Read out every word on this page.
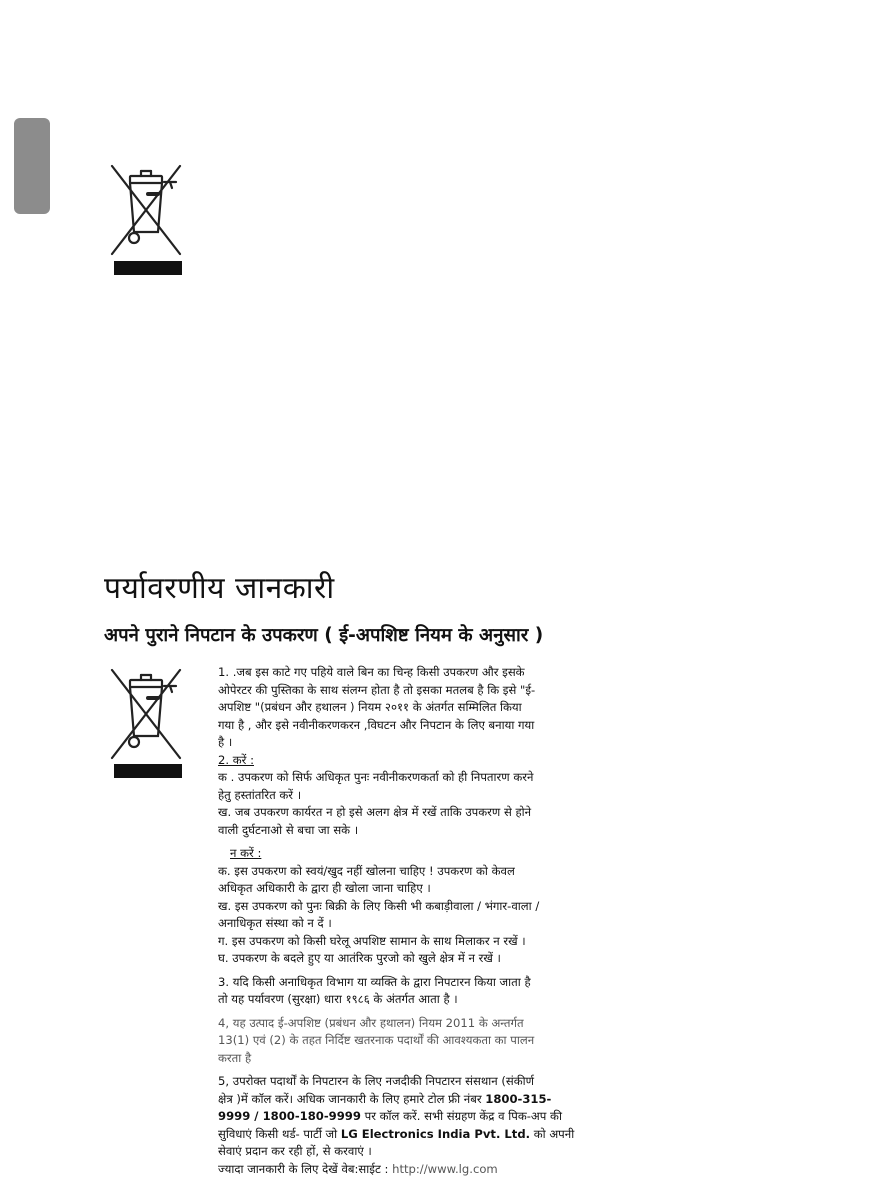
पर्यावरणीय जानकारी
अपने पुराने निपटान के उपकरण ( ई-अपशिष्ट नियम के अनुसार )

1. .जब इस काटे गए पहिये वाले बिन का चिन्ह किसी उपकरण और इसके

ओपेरटर की पुस्तिका के साथ संलग्न होता है तो इसका मतलब है कि इसे "ई-

अपशिष्ट "(प्रबंधन और हथालन ) नियम २०११ के अंतर्गत सम्मिलित किया

गया है , और इसे नवीनीकरणकरन ,विघटन और निपटान के लिए बनाया गया

है ।

2. करें :

क . उपकरण को सिर्फ अधिकृत पुनः नवीनीकरणकर्ता को ही निपतारण करने

हेतु हस्तांतरित करें ।

ख. जब उपकरण कार्यरत न हो इसे अलग क्षेत्र में रखें ताकि उपकरण से होने

वाली दुर्घटनाओ से बचा जा सके ।

न करें :

क. इस उपकरण को स्वयं/खुद नहीं खोलना चाहिए ! उपकरण को केवल

अधिकृत अधिकारी के द्वारा ही खोला जाना चाहिए ।

ख. इस उपकरण को पुनः बिक्री के लिए किसी भी कबाड़ीवाला / भंगार-वाला /

अनाधिकृत संस्था को न दें ।

ग. इस उपकरण को किसी घरेलू अपशिष्ट सामान के साथ मिलाकर न रखें ।

घ. उपकरण के बदले हुए या आतंरिक पुरजो को खुले क्षेत्र में न रखें ।

3. यदि किसी अनाधिकृत विभाग या व्यक्ति के द्वारा निपटारन किया जाता है

तो यह पर्यावरण (सुरक्षा) धारा १९८६ के अंतर्गत आता है ।

4, यह उत्पाद ई-अपशिष्ट (प्रबंधन और हथालन) नियम 2011 के अन्तर्गत

13(1) एवं (2) के तहत निर्दिष्ट खतरनाक पदार्थों की आवश्यकता का पालन

करता है

5, उपरोक्त पदार्थों के निपटारन के लिए नजदीकी निपटारन संसथान (संकीर्ण

क्षेत्र )में कॉल करें। अधिक जानकारी के लिए हमारे टोल फ्री नंबर 1800-315-

9999 / 1800-180-9999 पर कॉल करें. सभी संग्रहण केंद्र व पिक-अप की

सुविधाएं किसी थर्ड- पार्टी जो LG Electronics India Pvt. Ltd. को अपनी

सेवाएं प्रदान कर रही हों, से करवाएं ।

ज्यादा जानकारी के लिए देखें वेब:साईट : http://www.lg.com
